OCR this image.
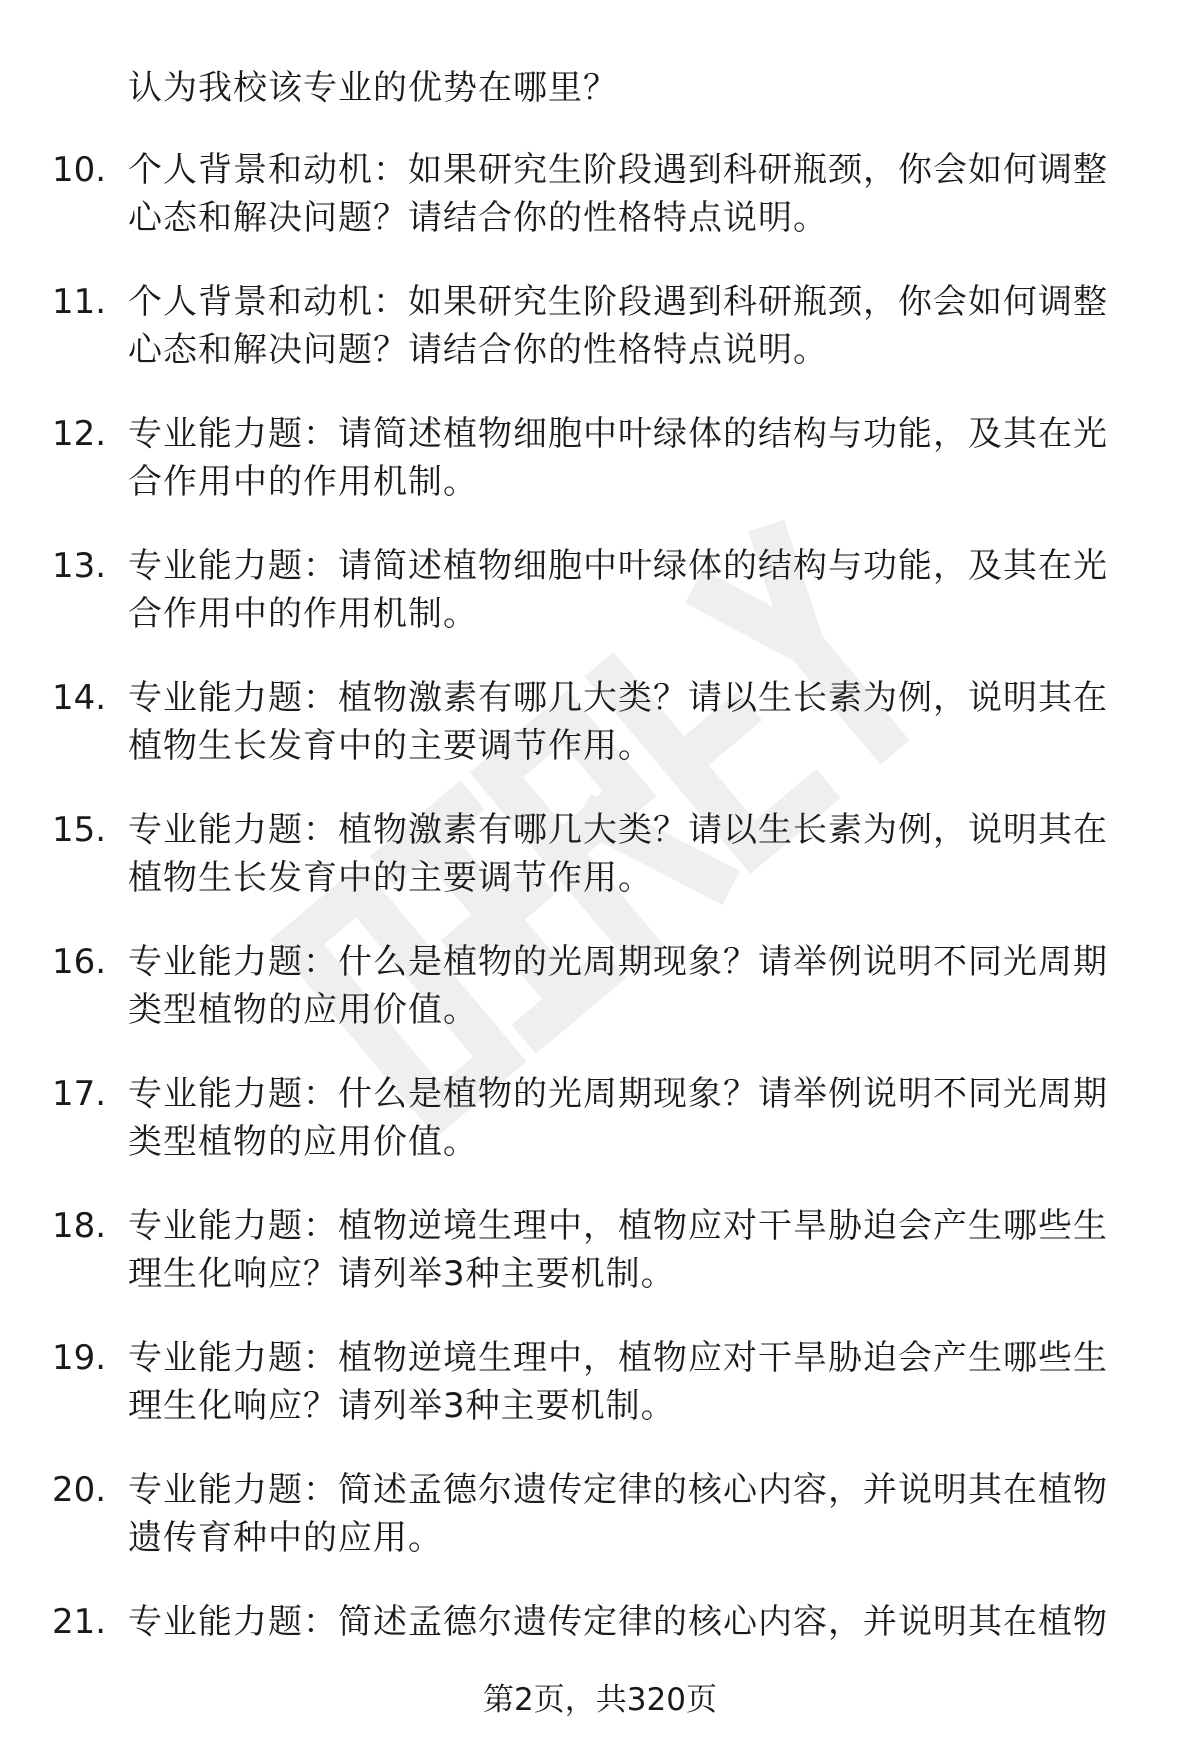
认为我校该专业的优势在哪里？
10. 个人背景和动机：如果研究生阶段遇到科研瓶颈，你会如何调整
心态和解决问题？请结合你的性格特点说明。
11. 个人背景和动机：如果研究生阶段遇到科研瓶颈，你会如何调整
心态和解决问题？请结合你的性格特点说明。
12. 专业能力题：请简述植物细胞中叶绿体的结构与功能，及其在光
合作用中的作用机制。
13. 专业能力题：请简述植物细胞中叶绿体的结构与功能，及其在光
合作用中的作用机制。
14. 专业能力题：植物激素有哪几大类？请以生长素为例，说明其在
植物生长发育中的主要调节作用。
15. 专业能力题：植物激素有哪几大类？请以生长素为例，说明其在
植物生长发育中的主要调节作用。
16. 专业能力题：什么是植物的光周期现象？请举例说明不同光周期
类型植物的应用价值。
17. 专业能力题：什么是植物的光周期现象？请举例说明不同光周期
类型植物的应用价值。
18. 专业能力题：植物逆境生理中，植物应对干旱胁迫会产生哪些生
理生化响应？请列举3种主要机制。
19. 专业能力题：植物逆境生理中，植物应对干旱胁迫会产生哪些生
理生化响应？请列举3种主要机制。
20. 专业能力题：简述孟德尔遗传定律的核心内容，并说明其在植物
遗传育种中的应用。
21. 专业能力题：简述孟德尔遗传定律的核心内容，并说明其在植物
第2页，共320页
